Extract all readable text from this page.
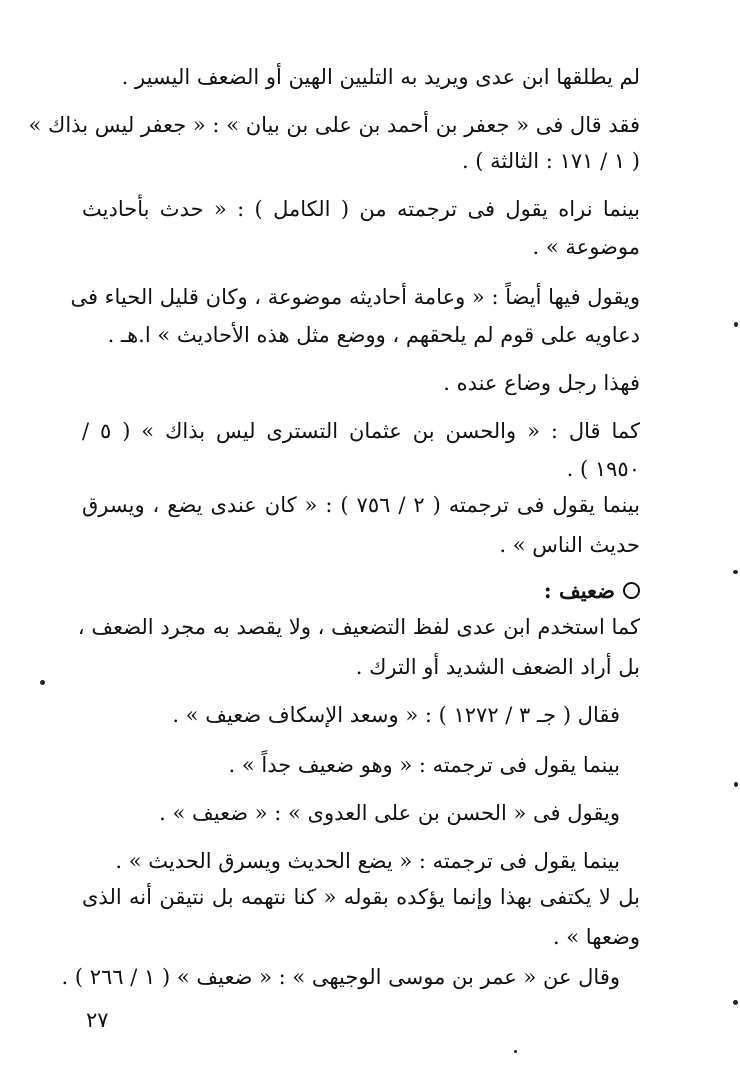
لم يطلقها ابن عدى ويريد به التليين الهين أو الضعف اليسير .
فقد قال فى « جعفر بن أحمد بن على بن بيان » : « جعفر ليس بذاك »
( ١ / ١٧١ : الثالثة ) .
بينما نراه يقول فى ترجمته من ( الكامل ) : « حدث بأحاديث
موضوعة » .
ويقول فيها أيضاً : « وعامة أحاديثه موضوعة ، وكان قليل الحياء فى
دعاويه على قوم لم يلحقهم ، ووضع مثل هذه الأحاديث » ا.هـ .
فهذا رجل وضاع عنده .
كما قال : « والحسن بن عثمان التسترى ليس بذاك » ( ٥ /
١٩٥٠ ) .
بينما يقول فى ترجمته ( ٢ / ٧٥٦ ) : « كان عندى يضع ، ويسرق
حديث الناس » .
ضعيف :
كما استخدم ابن عدى لفظ التضعيف ، ولا يقصد به مجرد الضعف ،
بل أراد الضعف الشديد أو الترك .
فقال ( جـ ٣ / ١٢٧٢ ) : « وسعد الإسكاف ضعيف » .
بينما يقول فى ترجمته : « وهو ضعيف جداً » .
ويقول فى « الحسن بن على العدوى » : « ضعيف » .
بينما يقول فى ترجمته : « يضع الحديث ويسرق الحديث » .
بل لا يكتفى بهذا وإنما يؤكده بقوله « كنا نتهمه بل نتيقن أنه الذى
وضعها » .
وقال عن « عمر بن موسى الوجيهى » : « ضعيف » ( ١ / ٢٦٦ ) .
٢٧
